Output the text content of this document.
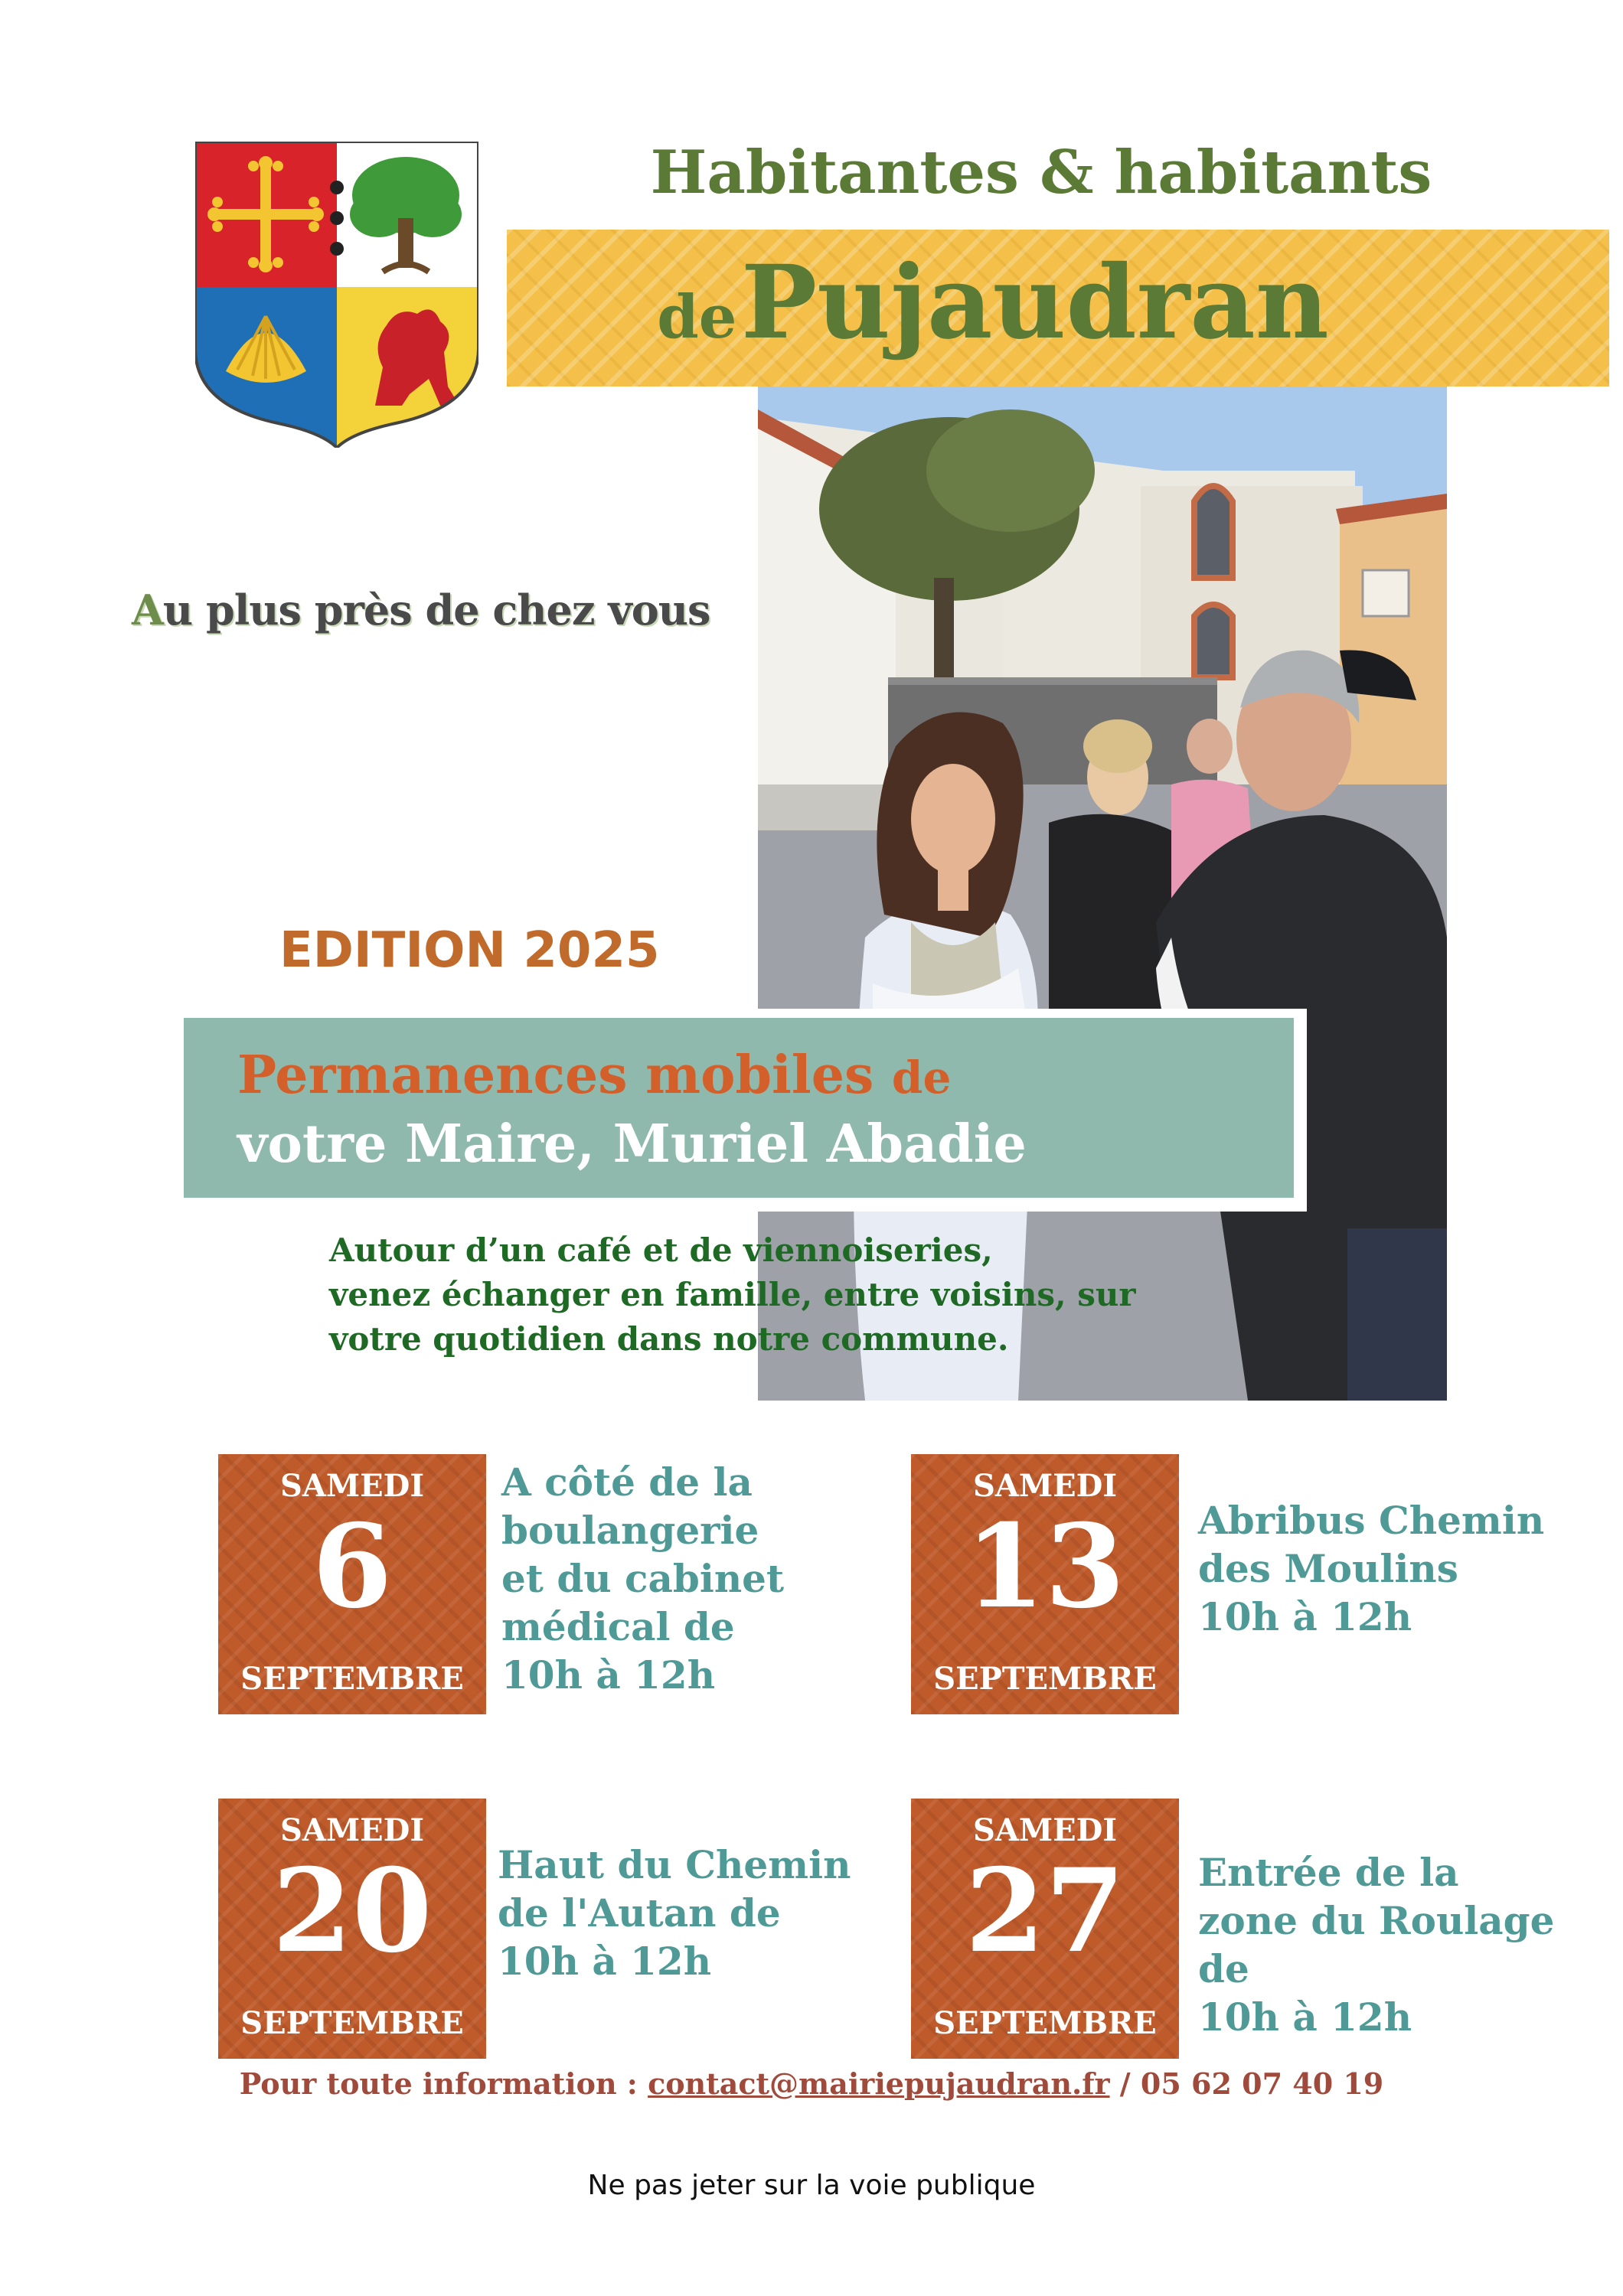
Habitantes & habitants
de Pujaudran
Au plus près de chez vous
EDITION 2025
Permanences mobiles de
votre Maire, Muriel Abadie
Autour d’un café et de viennoiseries,
venez échanger en famille, entre voisins, sur
votre quotidien dans notre commune.
SAMEDI
6
SEPTEMBRE
A côté de la
boulangerie
et du cabinet
médical de
10h à 12h
SAMEDI
13
SEPTEMBRE
Abribus Chemin
des Moulins
10h à 12h
SAMEDI
20
SEPTEMBRE
Haut du Chemin
de l'Autan de
10h à 12h
SAMEDI
27
SEPTEMBRE
Entrée de la
zone du Roulage
de
10h à 12h
Pour toute information : contact@mairiepujaudran.fr / 05 62 07 40 19
Ne pas jeter sur la voie publique
